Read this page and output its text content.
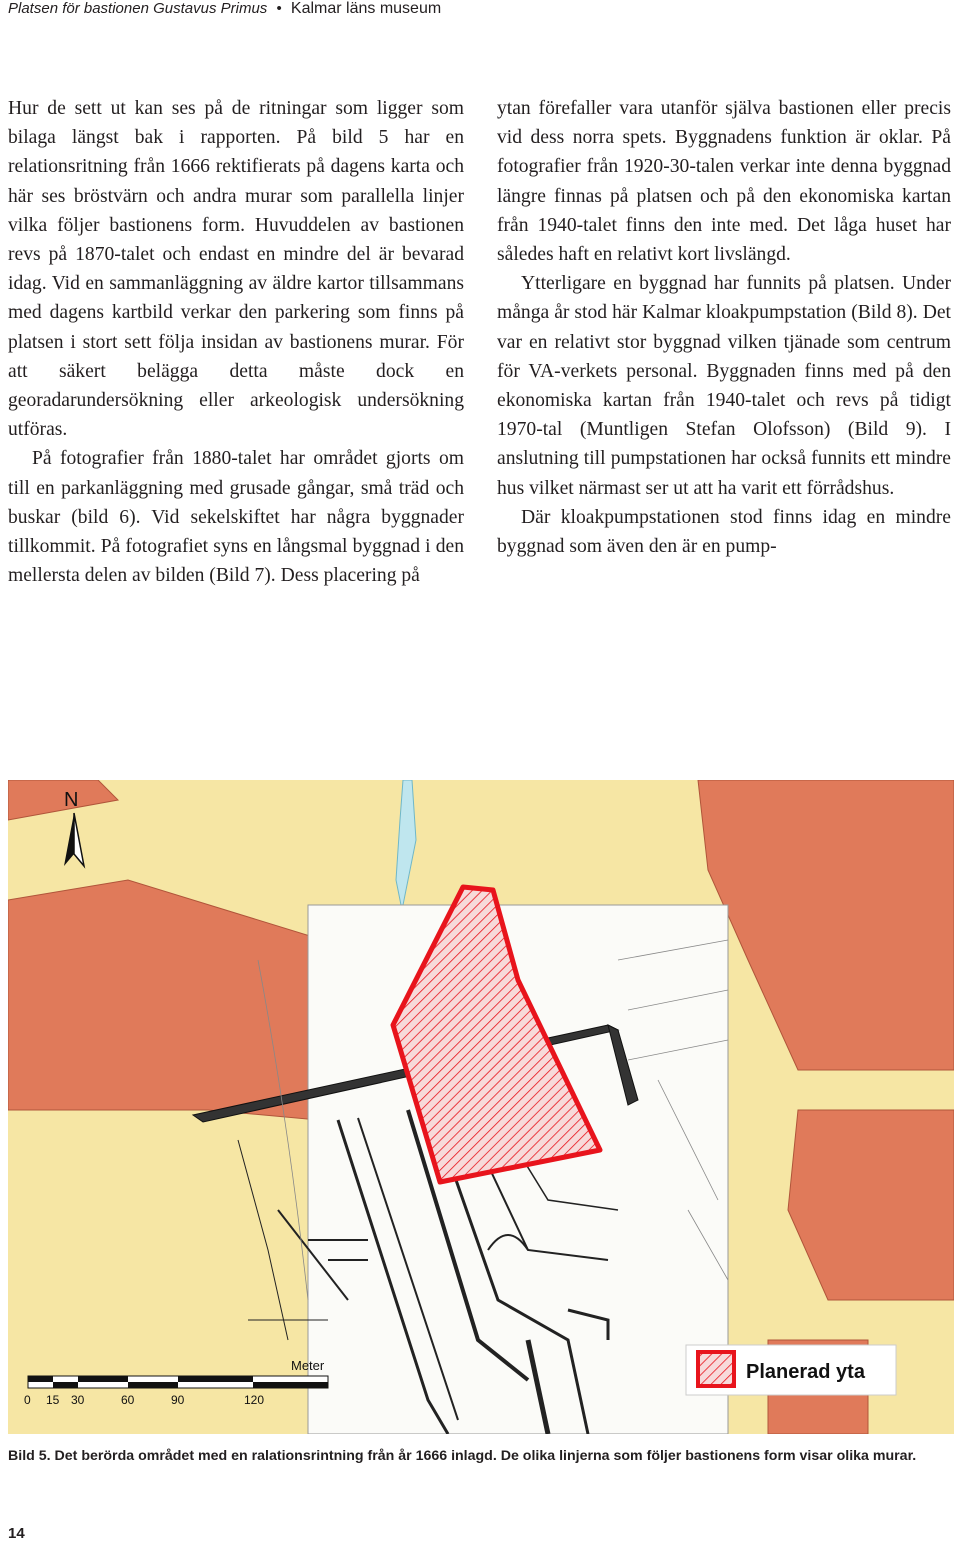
Platsen för bastionen Gustavus Primus • Kalmar läns museum

Hur de sett ut kan ses på de ritningar som ligger som bilaga längst bak i rapporten. På bild 5 har en relationsritning från 1666 rektifierats på dagens karta och här ses bröstvärn och andra murar som parallella linjer vilka följer bastionens form. Huvuddelen av bastionen revs på 1870-talet och endast en mindre del är bevarad idag. Vid en sammanläggning av äldre kartor tillsammans med dagens kartbild verkar den parkering som finns på platsen i stort sett följa insidan av bastionens murar. För att säkert belägga detta måste dock en georadarundersökning eller arkeologisk undersökning utföras.

På fotografier från 1880-talet har området gjorts om till en parkanläggning med grusade gångar, små träd och buskar (bild 6). Vid sekelskiftet har några byggnader tillkommit. På fotografiet syns en långsmal byggnad i den mellersta delen av bilden (Bild 7). Dess placering på

ytan förefaller vara utanför själva bastionen eller precis vid dess norra spets. Byggnadens funktion är oklar. På fotografier från 1920-30-talen verkar inte denna byggnad längre finnas på platsen och på den ekonomiska kartan från 1940-talet finns den inte med. Det låga huset har således haft en relativt kort livslängd.

Ytterligare en byggnad har funnits på platsen. Under många år stod här Kalmar kloakpumpstation (Bild 8). Det var en relativt stor byggnad vilken tjänade som centrum för VA-verkets personal. Byggnaden finns med på den ekonomiska kartan från 1940-talet och revs på tidigt 1970-tal (Muntligen Stefan Olofsson) (Bild 9). I anslutning till pumpstationen har också funnits ett mindre hus vilket närmast ser ut att ha varit ett förrådshus.

Där kloakpumpstationen stod finns idag en mindre byggnad som även den är en pump-

N
Meter
0 15 30	60	90	120
Planerad yta
Bild 5. Det berörda området med en ralationsrintning från år 1666 inlagd. De olika linjerna som följer bastionens form visar olika murar.
14
